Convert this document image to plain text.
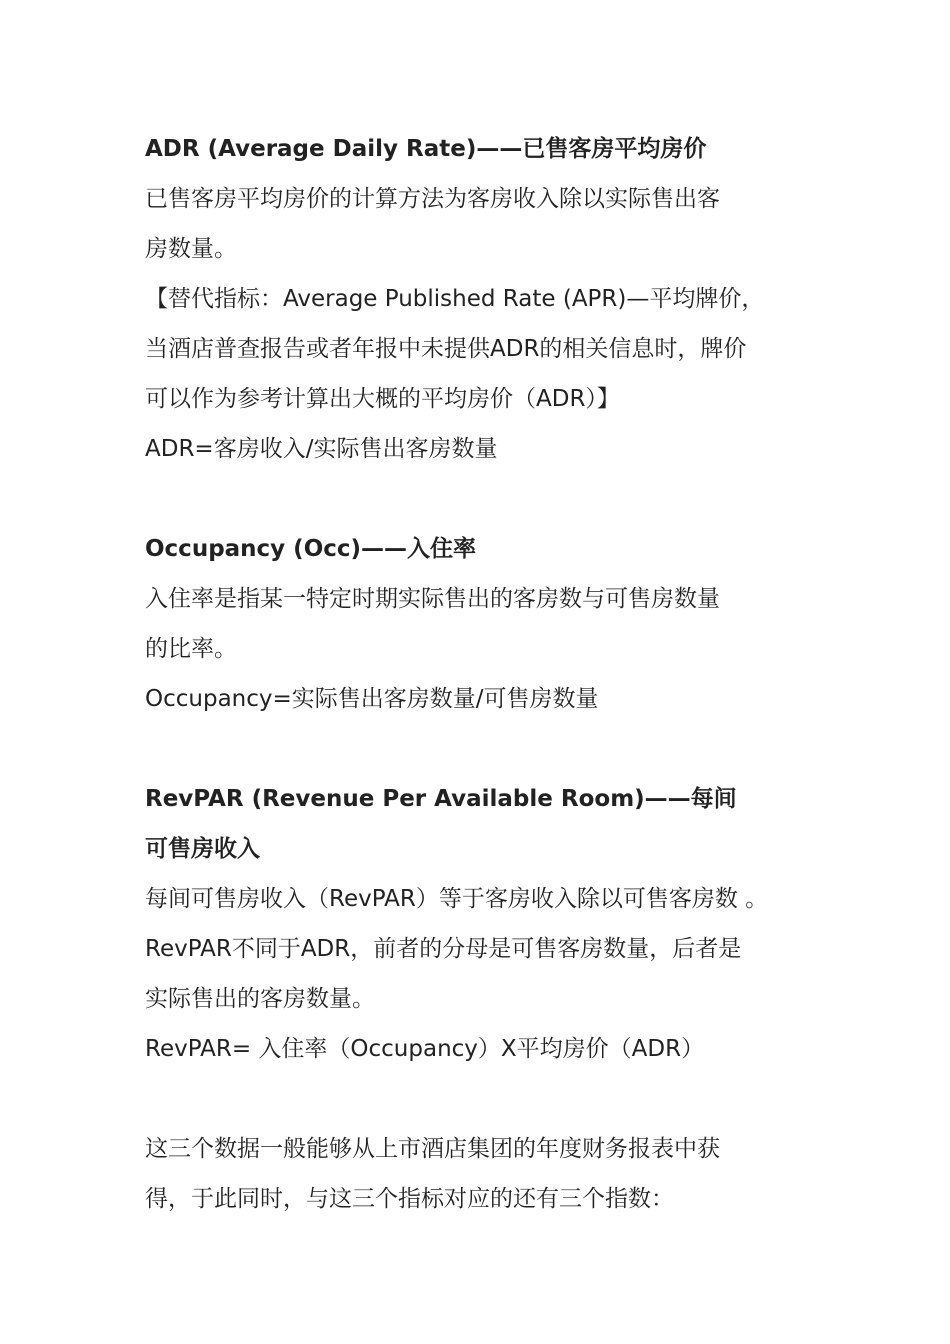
ADR (Average Daily Rate)——已售客房平均房价

已售客房平均房价的计算方法为客房收入除以实际售出客

房数量。

【替代指标：Average Published Rate (APR)—平均牌价，

当酒店普查报告或者年报中未提供ADR的相关信息时，牌价

可以作为参考计算出大概的平均房价（ADR）】

ADR=客房收入/实际售出客房数量

Occupancy (Occ)——入住率

入住率是指某一特定时期实际售出的客房数与可售房数量

的比率。

Occupancy=实际售出客房数量/可售房数量

RevPAR (Revenue Per Available Room)——每间

可售房收入

每间可售房收入（RevPAR）等于客房收入除以可售客房数 。

RevPAR不同于ADR，前者的分母是可售客房数量，后者是

实际售出的客房数量。

RevPAR= 入住率（Occupancy）X平均房价（ADR）

这三个数据一般能够从上市酒店集团的年度财务报表中获

得，于此同时，与这三个指标对应的还有三个指数：
